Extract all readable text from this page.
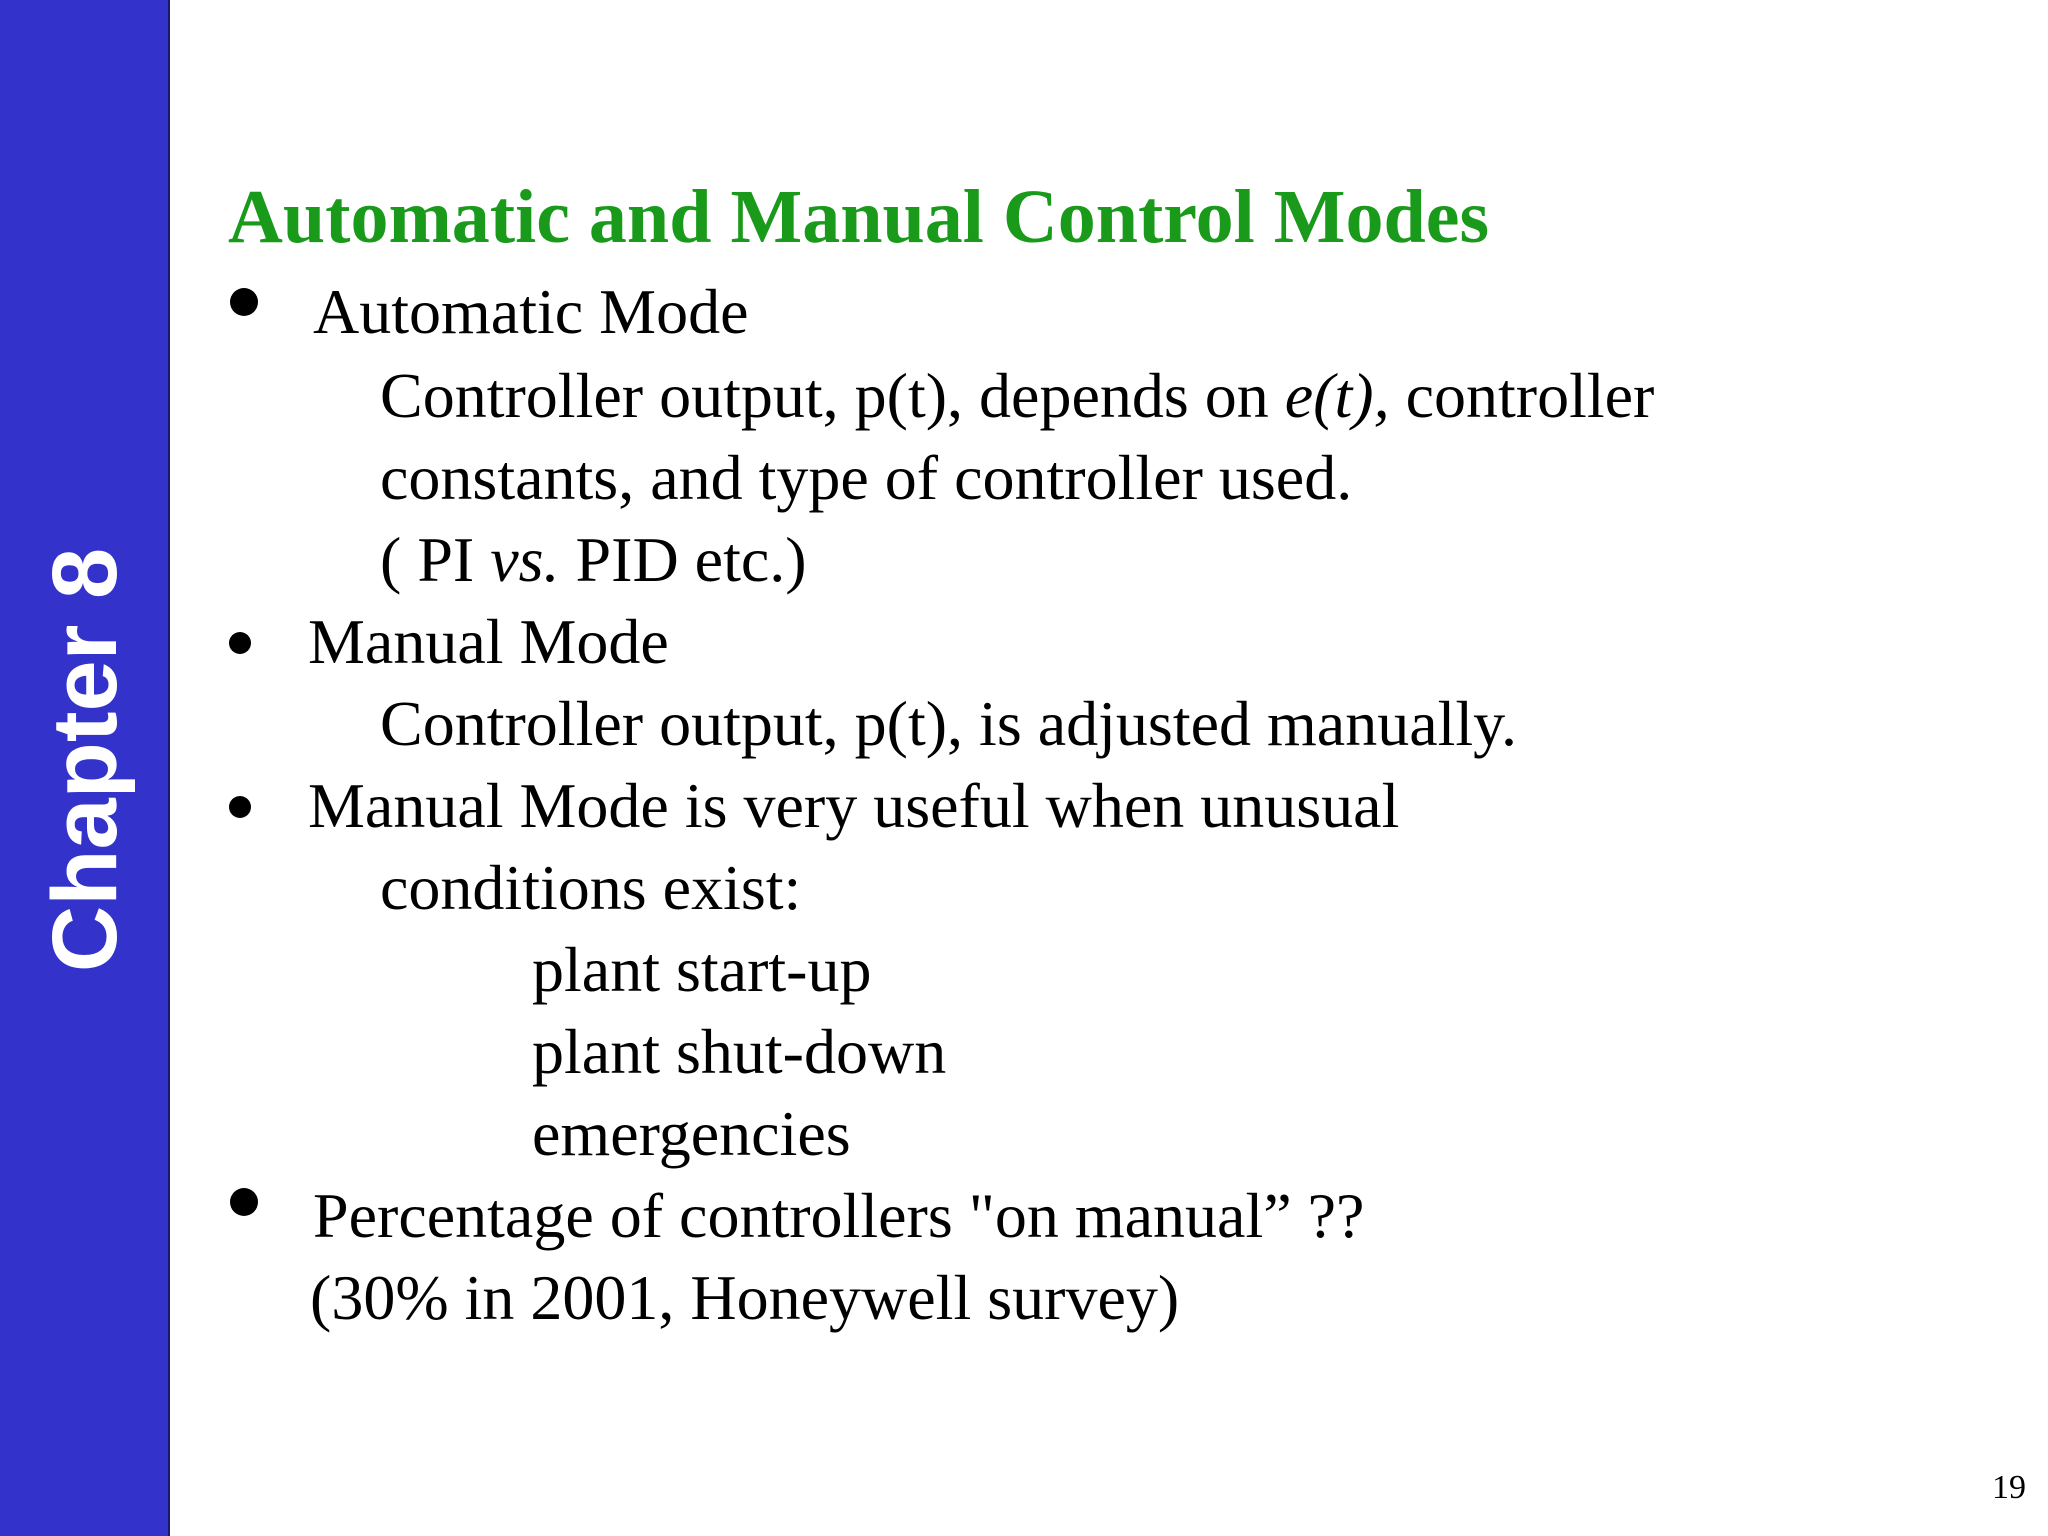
Chapter 8
Automatic and Manual Control Modes
Automatic Mode
Controller output, p(t), depends on e(t), controller
constants, and type of controller used.
( PI vs. PID etc.)
Manual Mode
Controller output, p(t), is adjusted manually.
Manual Mode is very useful when unusual
conditions exist:
plant start-up
plant shut-down
emergencies
Percentage of controllers "on manual” ??
(30% in 2001, Honeywell survey)
19
